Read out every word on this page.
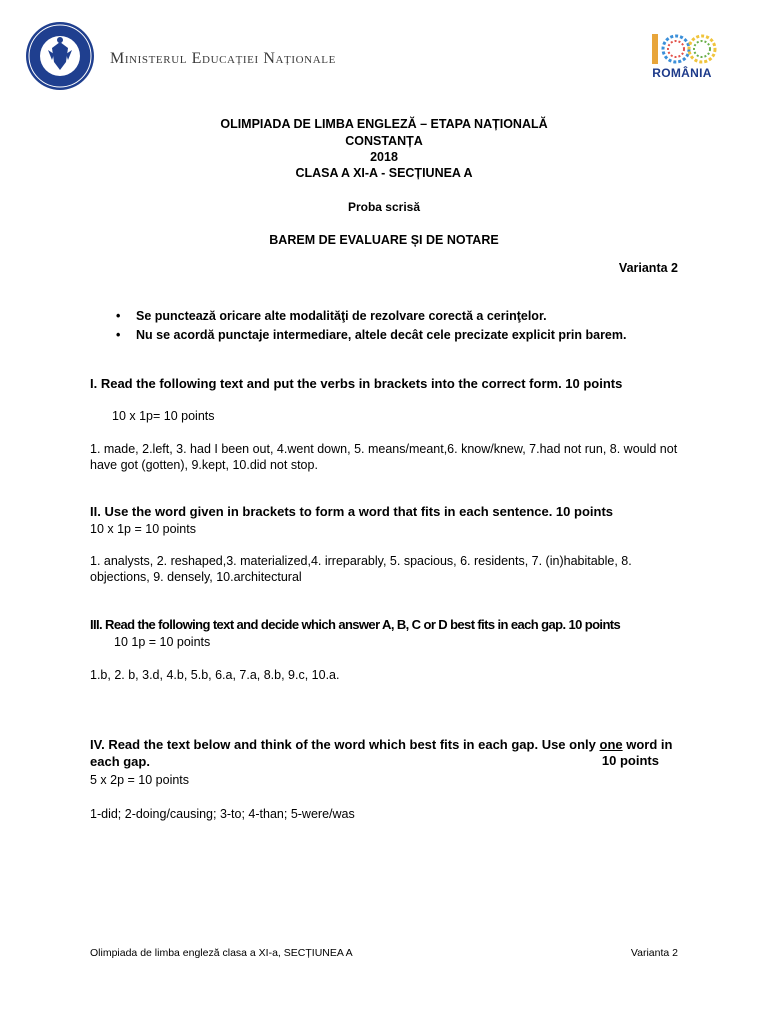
Ministerul Educației Naționale
ROMÂNIA
OLIMPIADA DE LIMBA ENGLEZĂ – ETAPA NAȚIONALĂ
CONSTANȚA
2018
CLASA A XI-A - SECȚIUNEA A
Proba scrisă
BAREM DE EVALUARE ȘI DE NOTARE
Varianta 2
• Se punctează oricare alte modalităţi de rezolvare corectă a cerinţelor.
• Nu se acordă punctaje intermediare, altele decât cele precizate explicit prin barem.
I. Read the following text and put the verbs in brackets into the correct form. 10 points
10 x 1p= 10 points
1. made, 2.left, 3. had I been out, 4.went down, 5. means/meant,6. know/knew, 7.had not run, 8. would not have got (gotten), 9.kept, 10.did not stop.
II. Use the word given in brackets to form a word that fits in each sentence. 10 points
10 x 1p = 10 points
1. analysts, 2. reshaped,3. materialized,4. irreparably, 5. spacious, 6. residents, 7. (in)habitable, 8. objections, 9. densely, 10.architectural
III. Read the following text and decide which answer A, B, C or D best fits in each gap. 10 points
10 1p = 10 points
1.b, 2. b, 3.d, 4.b, 5.b, 6.a, 7.a, 8.b, 9.c, 10.a.
IV. Read the text below and think of the word which best fits in each gap. Use only one word in each gap.	10 points
5 x 2p = 10 points
1-did; 2-doing/causing; 3-to; 4-than; 5-were/was
Olimpiada de limba engleză clasa a XI-a, SECȚIUNEA A	Varianta 2
